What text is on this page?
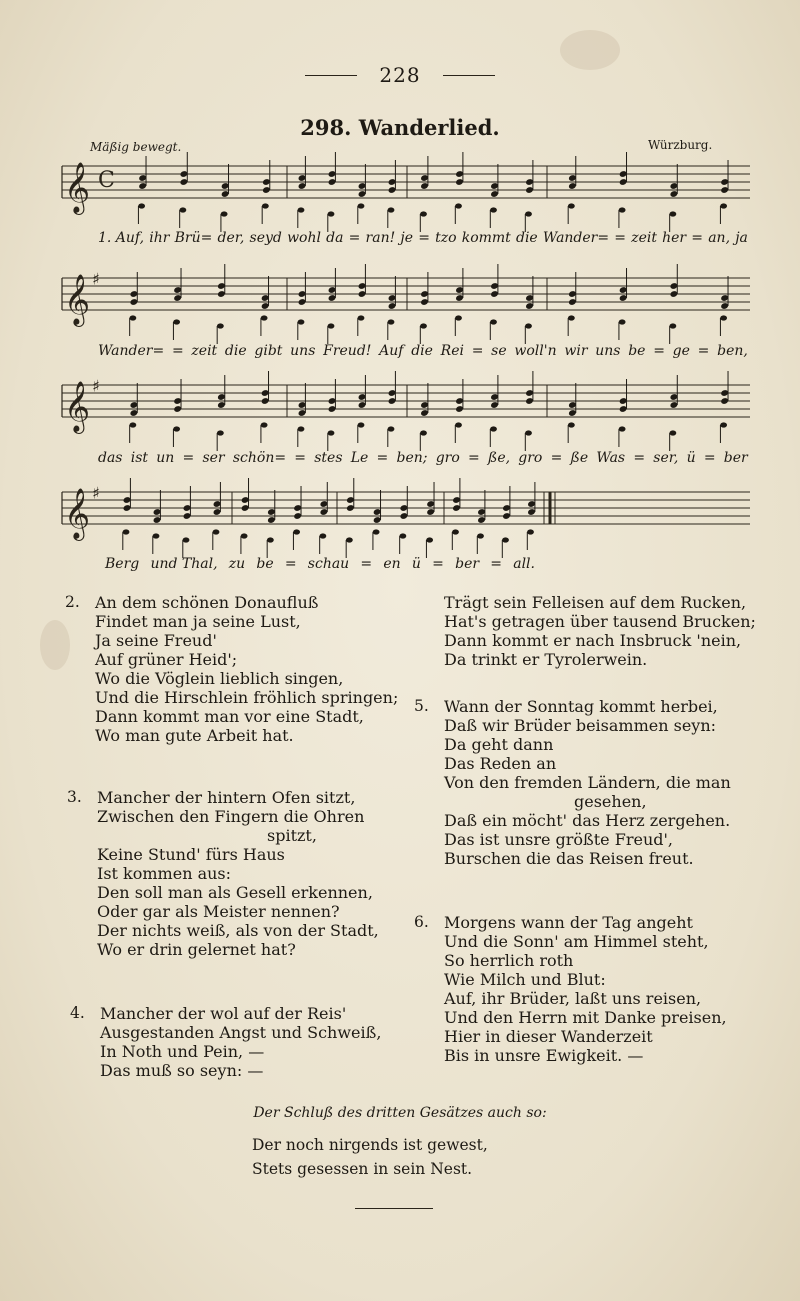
228
298. Wanderlied.
Mäßig bewegt.	Würzburg.
𝄞 C
1. Auf, ihr Brü= der, seyd wohl da = ran! je = tzo kommt die Wander= = zeit her = an, ja
𝄞 ♯
Wander= = zeit die gibt uns Freud! Auf die Rei = se woll'n wir uns be = ge = ben,
𝄞 ♯
das ist un = ser schön= = stes Le = ben; gro = ße, gro = ße Was = ser, ü = ber
𝄞 ♯
Berg und Thal, zu be = schau = en ü = ber = all.
2. An dem schönen Donaufluß
Findet man ja seine Lust,
Ja seine Freud'
Auf grüner Heid';
Wo die Vöglein lieblich singen,
Und die Hirschlein fröhlich springen;
Dann kommt man vor eine Stadt,
Wo man gute Arbeit hat.
3. Mancher der hintern Ofen sitzt,
Zwischen den Fingern die Ohren
spitzt,
Keine Stund' fürs Haus
Ist kommen aus:
Den soll man als Gesell erkennen,
Oder gar als Meister nennen?
Der nichts weiß, als von der Stadt,
Wo er drin gelernet hat?
4. Mancher der wol auf der Reis'
Ausgestanden Angst und Schweiß,
In Noth und Pein, —
Das muß so seyn: —
Trägt sein Felleisen auf dem Rucken,
Hat's getragen über tausend Brucken;
Dann kommt er nach Insbruck 'nein,
Da trinkt er Tyrolerwein.
5. Wann der Sonntag kommt herbei,
Daß wir Brüder beisammen seyn:
Da geht dann
Das Reden an
Von den fremden Ländern, die man
gesehen,
Daß ein möcht' das Herz zergehen.
Das ist unsre größte Freud',
Burschen die das Reisen freut.
6. Morgens wann der Tag angeht
Und die Sonn' am Himmel steht,
So herrlich roth
Wie Milch und Blut:
Auf, ihr Brüder, laßt uns reisen,
Und den Herrn mit Danke preisen,
Hier in dieser Wanderzeit
Bis in unsre Ewigkeit. —
Der Schluß des dritten Gesätzes auch so:
Der noch nirgends ist gewest,
Stets gesessen in sein Nest.
